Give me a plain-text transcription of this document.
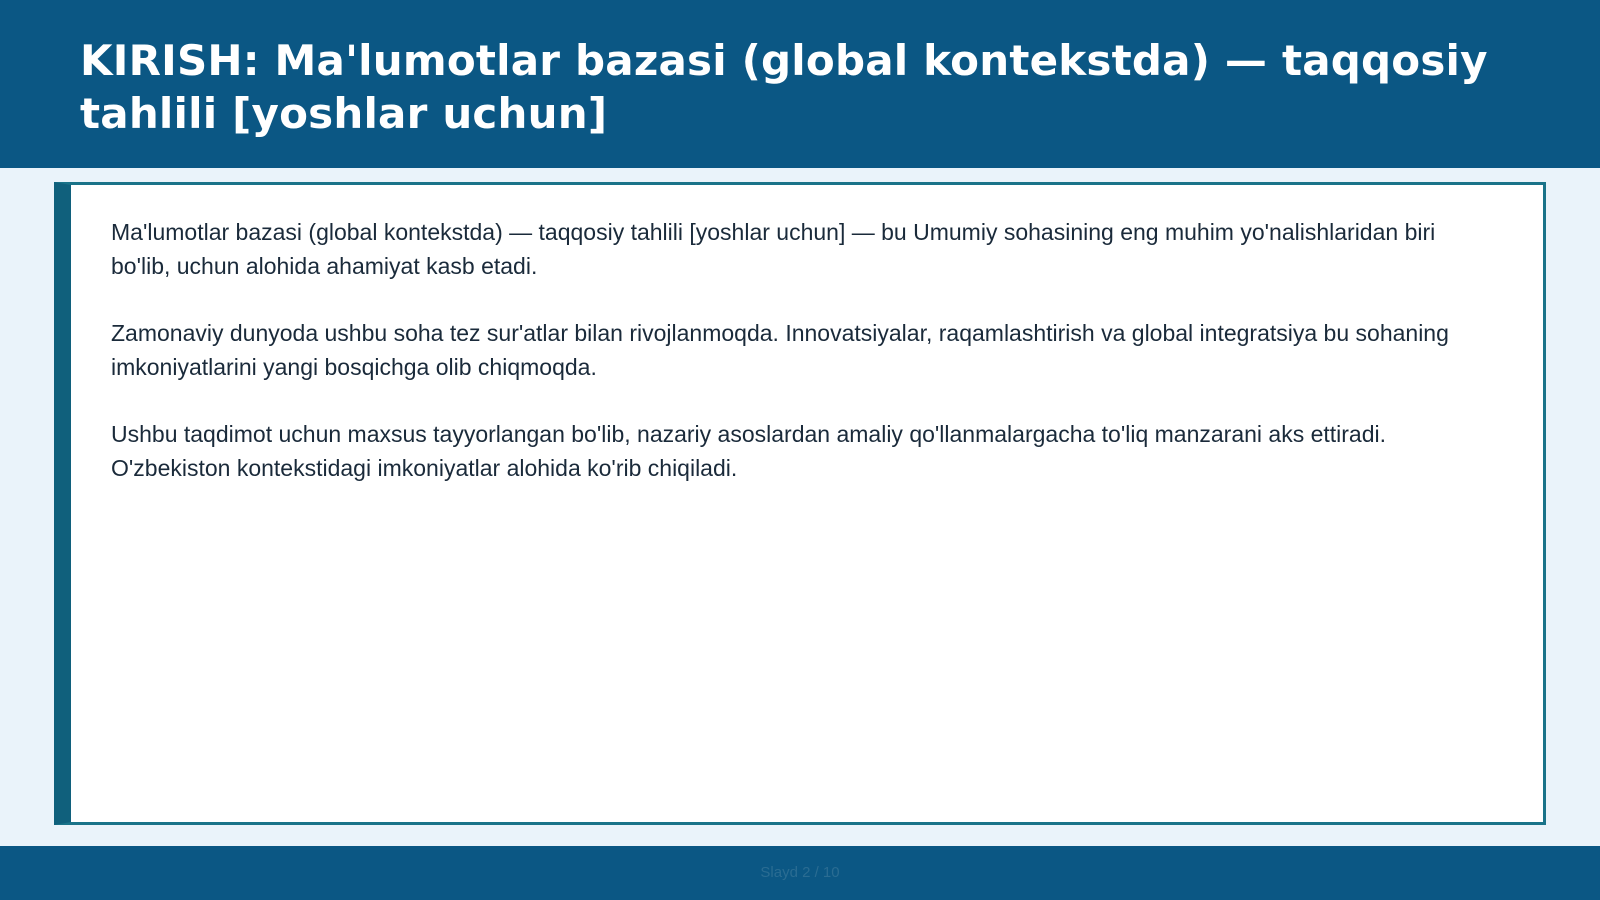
KIRISH: Ma'lumotlar bazasi (global kontekstda) — taqqosiy tahlili [yoshlar uchun]

Ma'lumotlar bazasi (global kontekstda) — taqqosiy tahlili [yoshlar uchun] — bu Umumiy sohasining eng muhim yo'nalishlaridan biri bo'lib, uchun alohida ahamiyat kasb etadi.

Zamonaviy dunyoda ushbu soha tez sur'atlar bilan rivojlanmoqda. Innovatsiyalar, raqamlashtirish va global integratsiya bu sohaning imkoniyatlarini yangi bosqichga olib chiqmoqda.

Ushbu taqdimot uchun maxsus tayyorlangan bo'lib, nazariy asoslardan amaliy qo'llanmalargacha to'liq manzarani aks ettiradi. O'zbekiston kontekstidagi imkoniyatlar alohida ko'rib chiqiladi.

Slayd 2 / 10
